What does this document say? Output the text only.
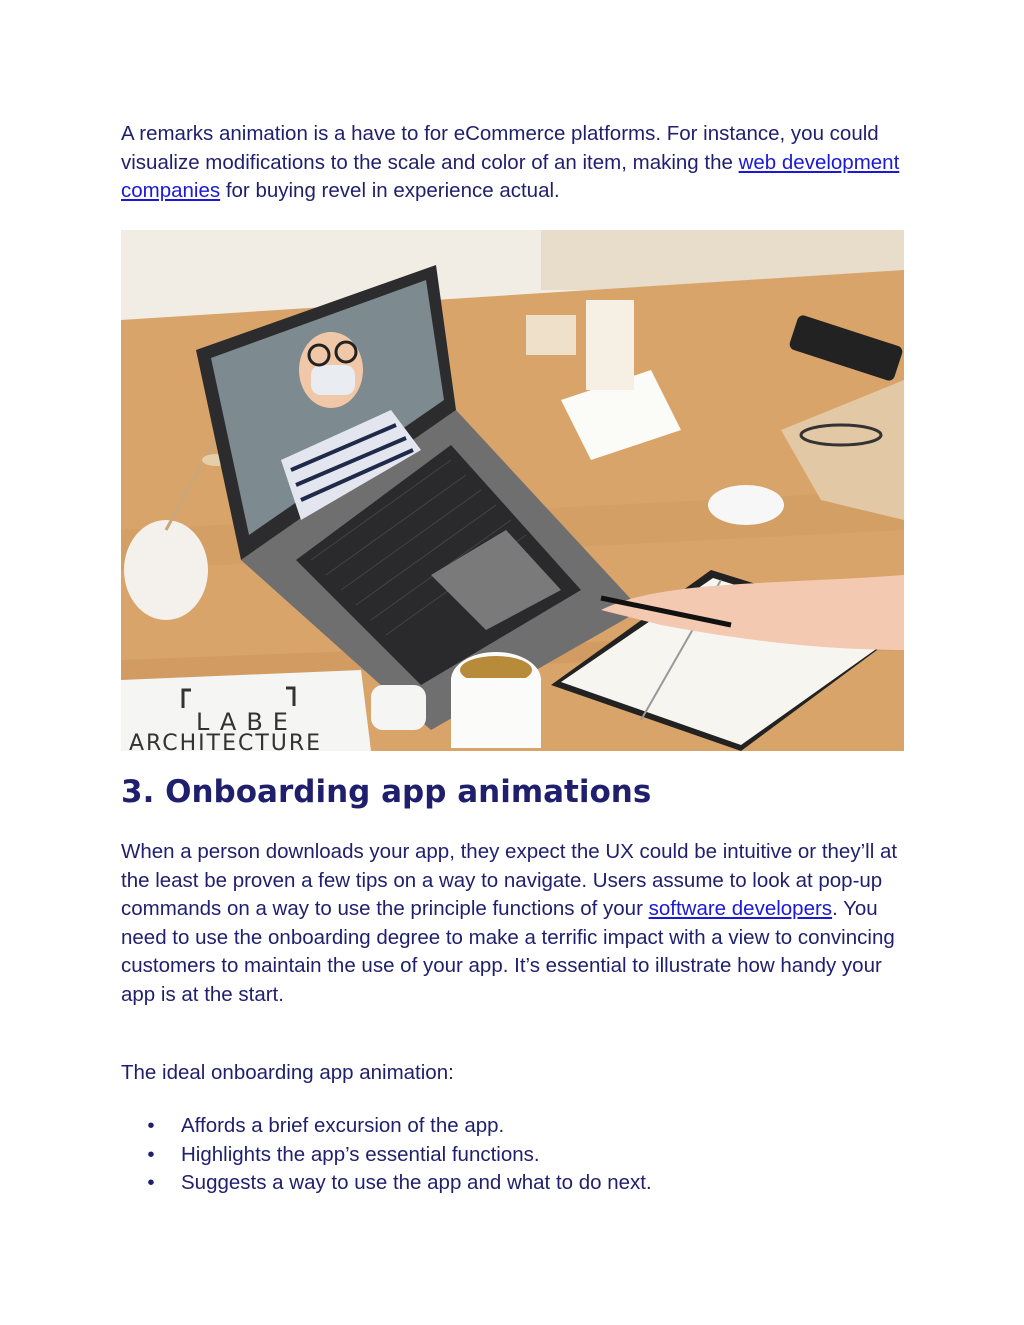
A remarks animation is a have to for eCommerce platforms. For instance, you could visualize modifications to the scale and color of an item, making the web development companies for buying revel in experience actual.

LABE
ARCHITECTURE
3. Onboarding app animations

When a person downloads your app, they expect the UX could be intuitive or they’ll at the least be proven a few tips on a way to navigate. Users assume to look at pop-up commands on a way to use the principle functions of your software developers. You need to use the onboarding degree to make a terrific impact with a view to convincing customers to maintain the use of your app. It’s essential to illustrate how handy your app is at the start.

The ideal onboarding app animation:

• Affords a brief excursion of the app.
• Highlights the app’s essential functions.
• Suggests a way to use the app and what to do next.
